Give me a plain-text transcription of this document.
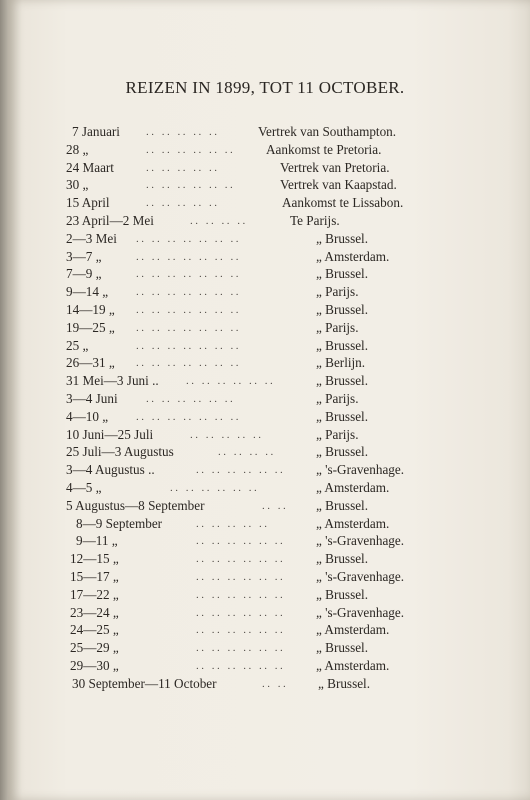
REIZEN IN 1899, TOT 11 OCTOBER.
7 Januari .. .. .. .. ..	Vertrek van Southampton.
28 „	.. .. .. .. .. .. Aankomst te Pretoria.
24 Maart	.. .. .. .. ..	Vertrek van Pretoria.
30 „	.. .. .. .. .. ..	Vertrek van Kaapstad.
15 April	.. .. .. .. ..	Aankomst te Lissabon.
23 April—2 Mei	.. .. .. ..	Te Parijs.
2—3 Mei .. .. .. .. .. .. ..	„ Brussel.
3—7 „	.. .. .. .. .. .. ..	„ Amsterdam.
7—9 „	.. .. .. .. .. .. ..	„ Brussel.
9—14 „	.. .. .. .. .. .. ..	„ Parijs.
14—19 „ .. .. .. .. .. .. ..	„ Brussel.
19—25 „ .. .. .. .. .. .. ..	„ Parijs.
25 „	.. .. .. .. .. .. ..	„ Brussel.
26—31 „ .. .. .. .. .. .. ..	„ Berlijn.
31 Mei—3 Juni .. .. .. .. .. .. ..	„ Brussel.
3—4 Juni	.. .. .. .. .. ..	„ Parijs.
4—10 „	.. .. .. .. .. .. ..	„ Brussel.
10 Juni—25 Juli	.. .. .. .. ..	„ Parijs.
25 Juli—3 Augustus	.. .. .. ..	„ Brussel.
3—4 Augustus ..	.. .. .. .. .. .. „ 's-Gravenhage.
4—5 „	.. .. .. .. .. ..	„ Amsterdam.
5 Augustus—8 September	.. .. „ Brussel.
8—9 September	.. .. .. .. ..	„ Amsterdam.
9—11 „	.. .. .. .. .. .. „ 's-Gravenhage.
12—15 „	.. .. .. .. .. .. „ Brussel.
15—17 „	.. .. .. .. .. .. „ 's-Gravenhage.
17—22 „	.. .. .. .. .. .. „ Brussel.
23—24 „	.. .. .. .. .. .. „ 's-Gravenhage.
24—25 „	.. .. .. .. .. .. „ Amsterdam.
25—29 „	.. .. .. .. .. .. „ Brussel.
29—30 „	.. .. .. .. .. .. „ Amsterdam.
30 September—11 October	.. .. „ Brussel.
